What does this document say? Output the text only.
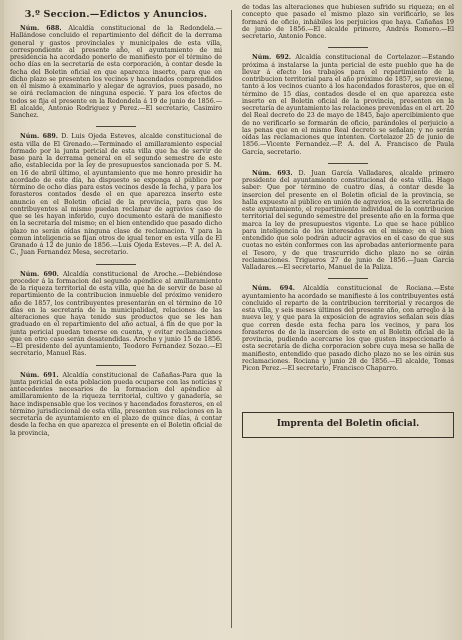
3.º Seccion.—Edictos y Anuncios.

Núm. 688. Alcaldía constitucional de la Redondela.—Hallándose concluido el repartimiento del déficit de la derrama general y gastos provinciales y municipales de esta villa, correspondiente al presente año, el ayuntamiento de mi presidencia ha acordado ponerlo de manifiesto por el término de ocho días en la secretaría de esta corporación, á contar desde la fecha del Boletin oficial en que aparezca inserto, para que en dicho plazo se presenten los vecinos y hacendados comprendidos en él mismo á examinarlo y alegar de agravios, pues pasado, no se oirá reclamacion de ninguna especie. Y para los efectos de todos se fija el presente en la Redondela á 19 de junio de 1856.—El alcalde, Antonio Rodriguez y Perez.—El secretario, Casimiro Sanchez.

Núm. 689. D. Luis Ojeda Esteves, alcalde constitucional de esta villa de El Grenado.—Terminado el amillaramiento especial formado por la junta pericial de esta villa que ha de servir de base para la derrama general en el segundo semestre de este año, establecida por la ley de presupuestos sancionada por S. M. en 16 de abril último, el ayuntamiento que me honro presidir ha acordado de este día, ha dispuesto se exponga al público por término de ocho días para estos vecinos desde la fecha, y para los forasteros contados desde el en que aparezca inserto este anuncio en el Boletin oficial de la provincia, para que los contribuyentes al mismo puedan reclamar de agravios caso de que se les hayan inferido, cuyo documento estará de manifiesto en la secretaría del mismo; en el bien entendido que pasado dicho plazo no serán oídas ninguna clase de reclamacion. Y para la comun inteligencia se fijan otros de igual tenor en esta villa de El Granado á 12 de junio de 1856.—Luis Ojeda Esteves.—P. A. del A. C., Juan Fernandez Mesa, secretario.

Núm. 690. Alcaldía constitucional de Aroche.—Debiéndose proceder á la formacion del segundo apéndice al amillaramiento de la riqueza territorial de esta villa, que ha de servir de base al repartimiento de la contribucion inmueble del próximo venidero año de 1857, los contribuyentes presentarán en el término de 10 días en la secretaría de la municipalidad, relaciones de las alteraciones que haya tenido sus productos que se les han graduado en el repartimiento del año actual, á fin de que por la junta pericial puedan tenerse en cuenta, y evitar reclamaciones que en otro caso serán desatendidas. Aroche y junio 15 de 1856.—El presidente del ayuntamiento, Teodoro Fernandez Sozao.—El secretario, Manuel Ras.

Núm. 691. Alcaldía constitucional de Cañañas-Para que la junta pericial de esta poblacion pueda ocuparse con las noticias y antecedentes necesarios de la formacion del apéndice al amillaramiento de la riqueza territorial, cultivo y ganadería, se hace indispensable que los vecinos y hacendados forasteros, en el término jurisdiccional de esta villa, presenten sus relaciones en la secretaría de ayuntamiento en el plazo de quince días, á contar desde la fecha en que aparezca el presente en el Boletin oficial de la provincia,

de todas las alteraciones que hubiesen sufrido su riqueza; en el concepto que pasado el mismo plazo sin verificarlo, se les formará de oficio, inhábiles los perjuicios que haya. Cañañas 19 de junio de 1856.—El alcalde primero, Andrés Romero.—El secretario, Antonio Ponce.

Núm. 692. Alcaldía constitucional de Cortelazor.—Estando próxima á instalarse la junta pericial de este pueblo que ha de llevar á efecto los trabajos para el repartimiento de la contribucion territorial para el año próximo de 1857, se previene, tanto á los vecinos cuanto á los hacendados forasteros, que en el término de 15 días, contados desde el en que aparezca este inserto en el Boletin oficial de la provincia, presenten en la secretaría de ayuntamiento las relaciones prevenidas en el art. 20 del Real decreto de 23 de mayo de 1845, bajo apercibimiento que de no verificarlo se formarán de oficio, parándoles el perjuicio a las penas que en el mismo Real decreto se señalan; y no serán oídas las reclamaciones que intenten. Cortelazor 25 de junio de 1856.—Vicente Fernandez.—P. A. del A. Francisco de Paula García, secretario.

Núm. 693. D. Juan García Valladares, alcalde primero presidente del ayuntamiento constitucional de esta villa. Hago saber: Que por término de cuatro días, á contar desde la insercion del presente en el Boletin oficial de la provincia, se halla expuesto al público en unión de agravios, en la secretaría de este ayuntamiento, el repartimiento individual de la contribucion territorial del segundo semestre del presente año en la forma que marca la ley de presupuestos vigente. Lo que se hace público para inteligencia de los interesados en el mismo; en el bien entendido que solo podrán aducir agravios en el caso de que sus cuotas no estén conformes con las aprobadas anteriormente para el Tesoro, y de que trascurrido dicho plazo no se oirán reclamaciones. Trigueros 27 de junio de 1856.—Juan García Valladares.—El secretario, Manuel de la Paliza.

Núm. 694. Alcaldía constitucional de Rociana.—Este ayuntamiento ha acordado se manifieste á los contribuyentes está concluido el reparto de la contribucion territorial y recargos de esta villa, y seis meses últimos del presente año, con arreglo á la nueva ley, y que para la exposicion de agravios señalan seis días que corren desde esta fecha para los vecinos, y para los forasteros de de la insercion de este en el Boletin oficial de la provincia, pudiendo acercarse los que gusten inspeccionarlo á esta secretaría de dicha corporacion sobre cuya mesa se halla de manifiesto, entendido que pasado dicho plazo no se les oirán sus reclamaciones. Rociana y junio 28 de 1856.—El alcalde, Tomas Picon Perez.—El secretario, Francisco Chaparro.

Imprenta del Boletin oficial.
